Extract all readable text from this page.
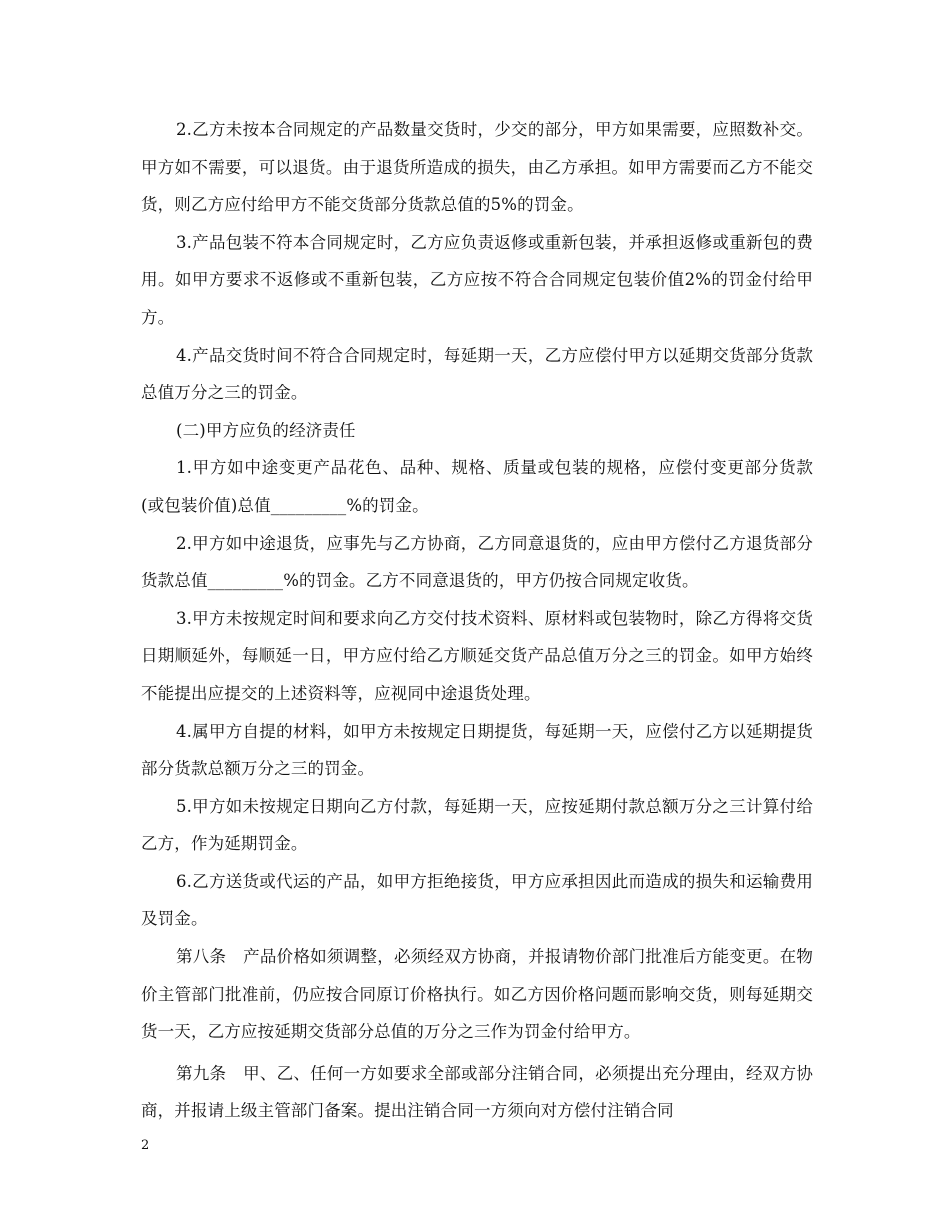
2.乙方未按本合同规定的产品数量交货时，少交的部分，甲方如果需要，应照数补交。甲方如不需要，可以退货。由于退货所造成的损失，由乙方承担。如甲方需要而乙方不能交货，则乙方应付给甲方不能交货部分货款总值的5%的罚金。

3.产品包装不符本合同规定时，乙方应负责返修或重新包装，并承担返修或重新包的费用。如甲方要求不返修或不重新包装，乙方应按不符合合同规定包装价值2%的罚金付给甲方。

4.产品交货时间不符合合同规定时，每延期一天，乙方应偿付甲方以延期交货部分货款总值万分之三的罚金。

(二)甲方应负的经济责任

1.甲方如中途变更产品花色、品种、规格、质量或包装的规格，应偿付变更部分货款(或包装价值)总值_________%的罚金。

2.甲方如中途退货，应事先与乙方协商，乙方同意退货的，应由甲方偿付乙方退货部分货款总值_________%的罚金。乙方不同意退货的，甲方仍按合同规定收货。

3.甲方未按规定时间和要求向乙方交付技术资料、原材料或包装物时，除乙方得将交货日期顺延外，每顺延一日，甲方应付给乙方顺延交货产品总值万分之三的罚金。如甲方始终不能提出应提交的上述资料等，应视同中途退货处理。

4.属甲方自提的材料，如甲方未按规定日期提货，每延期一天，应偿付乙方以延期提货部分货款总额万分之三的罚金。

5.甲方如未按规定日期向乙方付款，每延期一天，应按延期付款总额万分之三计算付给乙方，作为延期罚金。

6.乙方送货或代运的产品，如甲方拒绝接货，甲方应承担因此而造成的损失和运输费用及罚金。

第八条　产品价格如须调整，必须经双方协商，并报请物价部门批准后方能变更。在物价主管部门批准前，仍应按合同原订价格执行。如乙方因价格问题而影响交货，则每延期交货一天，乙方应按延期交货部分总值的万分之三作为罚金付给甲方。

第九条　甲、乙、任何一方如要求全部或部分注销合同，必须提出充分理由，经双方协商，并报请上级主管部门备案。提出注销合同一方须向对方偿付注销合同

2
